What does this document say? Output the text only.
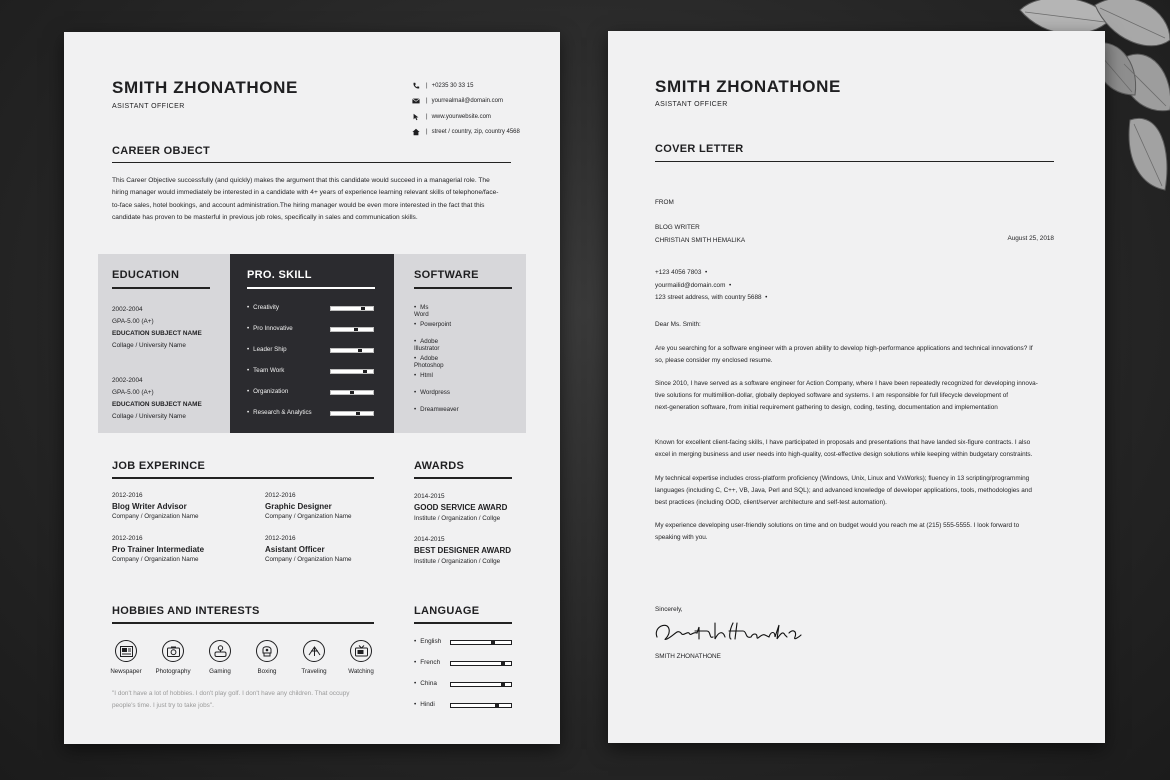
SMITH ZHONATHONE
ASISTANT OFFICER
| +0235 30 33 15
| yourrealmail@domain.com
| www.yourwebsite.com
| street / country, zip, country 4568
CAREER OBJECT
This Career Objective successfully (and quickly) makes the argument that this candidate would succeed in a managerial role. The
hiring manager would immediately be interested in a candidate with 4+ years of experience learning relevant skills of telephone/face-
to-face sales, hotel bookings, and account administration.The hiring manager would be even more interested in the fact that this
candidate has proven to be masterful in previous job roles, specifically in sales and communication skills.
EDUCATION
2002-2004
GPA-5.00 (A+)
EDUCATION SUBJECT NAME
Collage / University Name
2002-2004
GPA-5.00 (A+)
EDUCATION SUBJECT NAME
Collage / University Name
PRO. SKILL
• Creativity
• Pro Innovative
• Leader Ship
• Team Work
• Organization
• Research & Analytics
SOFTWARE
• Ms Word
• Powerpoint
• Adobe Illustrator
• Adobe Photoshop
• Html
• Wordpress
• Dreamweaver
JOB EXPERINCE
2012-2016
Blog Writer Advisor
Company / Organization Name
2012-2016
Graphic Designer
Company / Organization Name
2012-2016
Pro Trainer Intermediate
Company / Organization Name
2012-2016
Asistant Officer
Company / Organization Name
AWARDS
2014-2015
GOOD SERVICE AWARD
Institute / Organization / Collge
2014-2015
BEST DESIGNER AWARD
Institute / Organization / Collge
HOBBIES AND INTERESTS
Newspaper	Photography	Gaming	Boxing	Traveling	Watching
"I don't have a lot of hobbies. I don't play golf. I don't have any children. That occupy
people's time. I just try to take jobs".
LANGUAGE
• English
• French
• China
• Hindi
SMITH ZHONATHONE
ASISTANT OFFICER
COVER LETTER
FROM
BLOG WRITER
CHRISTIAN SMITH HEMALIKA	August 25, 2018
+123 4056 7803  •
yourmailid@domain.com  •
123 street address, with country 5688  •
Dear Ms. Smith:
Are you searching for a software engineer with a proven ability to develop high-performance applications and technical innovations? If
so, please consider my enclosed resume.
Since 2010, I have served as a software engineer for Action Company, where I have been repeatedly recognized for developing innova-
tive solutions for multimillion-dollar, globally deployed software and systems. I am responsible for full lifecycle development of
next-generation software, from initial requirement gathering to design, coding, testing, documentation and implementation
Known for excellent client-facing skills, I have participated in proposals and presentations that have landed six-figure contracts. I also
excel in merging business and user needs into high-quality, cost-effective design solutions while keeping within budgetary constraints.
My technical expertise includes cross-platform proficiency (Windows, Unix, Linux and VxWorks); fluency in 13 scripting/programming
languages (including C, C++, VB, Java, Perl and SQL); and advanced knowledge of developer applications, tools, methodologies and
best practices (including OOD, client/server architecture and self-test automation).
My experience developing user-friendly solutions on time and on budget would you reach me at (215) 555-5555. I look forward to
speaking with you.
Sincerely,
SMITH ZHONATHONE
